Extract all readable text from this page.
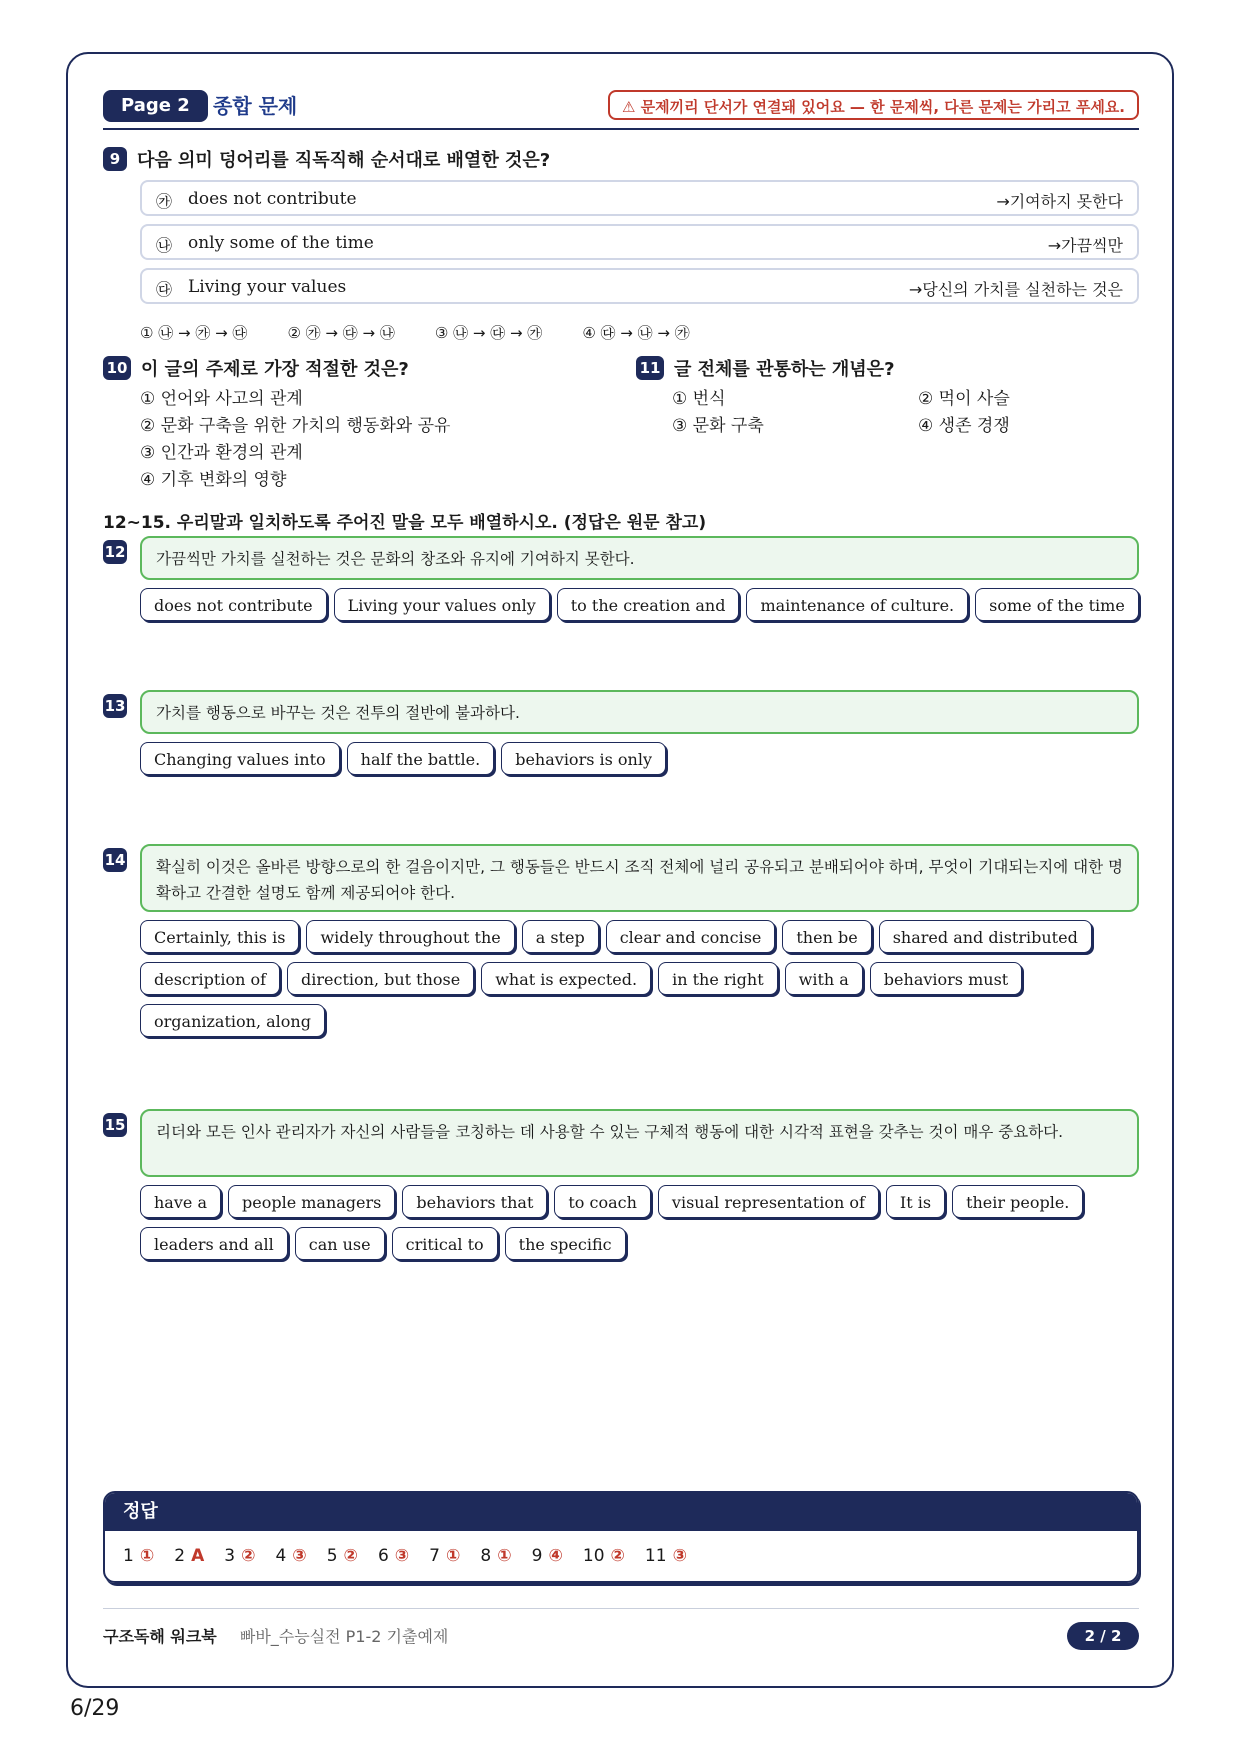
Page 2	종합 문제	⚠ 문제끼리 단서가 연결돼 있어요 — 한 문제씩, 다른 문제는 가리고 푸세요.
9 다음 의미 덩어리를 직독직해 순서대로 배열한 것은?
㉮ does not contribute	→기여하지 못한다
㉯ only some of the time	→가끔씩만
㉰ Living your values	→당신의 가치를 실천하는 것은
① ㉯ → ㉮ → ㉰	② ㉮ → ㉰ → ㉯	③ ㉯ → ㉰ → ㉮	④ ㉰ → ㉯ → ㉮
10 이 글의 주제로 가장 적절한 것은?
① 언어와 사고의 관계
② 문화 구축을 위한 가치의 행동화와 공유
③ 인간과 환경의 관계
④ 기후 변화의 영향
11 글 전체를 관통하는 개념은?
① 번식	② 먹이 사슬
③ 문화 구축	④ 생존 경쟁
12~15. 우리말과 일치하도록 주어진 말을 모두 배열하시오. (정답은 원문 참고)
12	가끔씩만 가치를 실천하는 것은 문화의 창조와 유지에 기여하지 못한다.
does not contribute	Living your values only	to the creation and	maintenance of culture.	some of the time
13	가치를 행동으로 바꾸는 것은 전투의 절반에 불과하다.
Changing values into	half the battle.	behaviors is only
14	확실히 이것은 올바른 방향으로의 한 걸음이지만, 그 행동들은 반드시 조직 전체에 널리 공유되고 분배되어야 하며, 무엇이 기대되는지에 대한 명확하고 간결한 설명도 함께 제공되어야 한다.
Certainly, this is	widely throughout the	a step	clear and concise	then be	shared and distributed
description of	direction, but those	what is expected.	in the right	with a	behaviors must
organization, along
15	리더와 모든 인사 관리자가 자신의 사람들을 코칭하는 데 사용할 수 있는 구체적 행동에 대한 시각적 표현을 갖추는 것이 매우 중요하다.
have a	people managers	behaviors that	to coach	visual representation of	It is	their people.
leaders and all	can use	critical to	the specific
정답
1 ① 2 A 3 ② 4 ③ 5 ② 6 ③ 7 ① 8 ① 9 ④ 10 ② 11 ③
구조독해 워크북 빠바_수능실전 P1-2 기출예제	2 / 2
6/29
